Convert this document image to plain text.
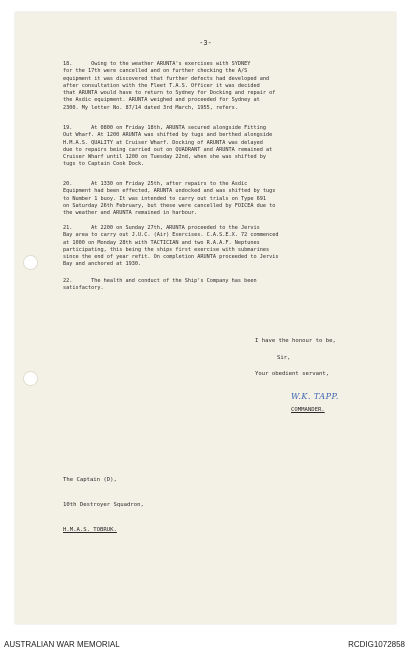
-3-
18.      Owing to the weather ARUNTA's exercises with SYDNEY
for the 17th were cancelled and on further checking the A/S
equipment it was discovered that further defects had developed and
after consultation with the Fleet T.A.S. Officer it was decided
that ARUNTA would have to return to Sydney for Docking and repair of
the Asdic equipment. ARUNTA weighed and proceeded for Sydney at
2300. My letter No. 87/14 dated 3rd March, 1955, refers.
19.      At 0800 on Friday 18th, ARUNTA secured alongside Fitting
Out Wharf. At 1200 ARUNTA was shifted by tugs and berthed alongside
H.M.A.S. QUALITY at Cruiser Wharf. Docking of ARUNTA was delayed
due to repairs being carried out on QUADRANT and ARUNTA remained at
Cruiser Wharf until 1200 on Tuesday 22nd, when she was shifted by
tugs to Captain Cook Dock.
20.      At 1330 on Friday 25th, after repairs to the Asdic
Equipment had been effected, ARUNTA undocked and was shifted by tugs
to Number 1 buoy. It was intended to carry out trials on Type 691
on Saturday 26th February, but these were cancelled by FOICEA due to
the weather and ARUNTA remained in harbour.
21.      At 2200 on Sunday 27th, ARUNTA proceeded to the Jervis
Bay area to carry out J.U.C. (Air) Exercises. C.A.S.E.X. 72 commenced
at 1000 on Monday 28th with TACTICIAN and two R.A.A.F. Neptunes
participating, this being the ships first exercise with submarines
since the end of year refit. On completion ARUNTA proceeded to Jervis
Bay and anchored at 1930.
22.      The health and conduct of the Ship's Company has been
satisfactory.
I have the honour to be,
Sir,
Your obedient servant,
W.K. TAPP.
COMMANDER.

The Captain (D),

10th Destroyer Squadron,

H.M.A.S. TOBRUK.

AUSTRALIAN WAR MEMORIAL	RCDIG1072858
